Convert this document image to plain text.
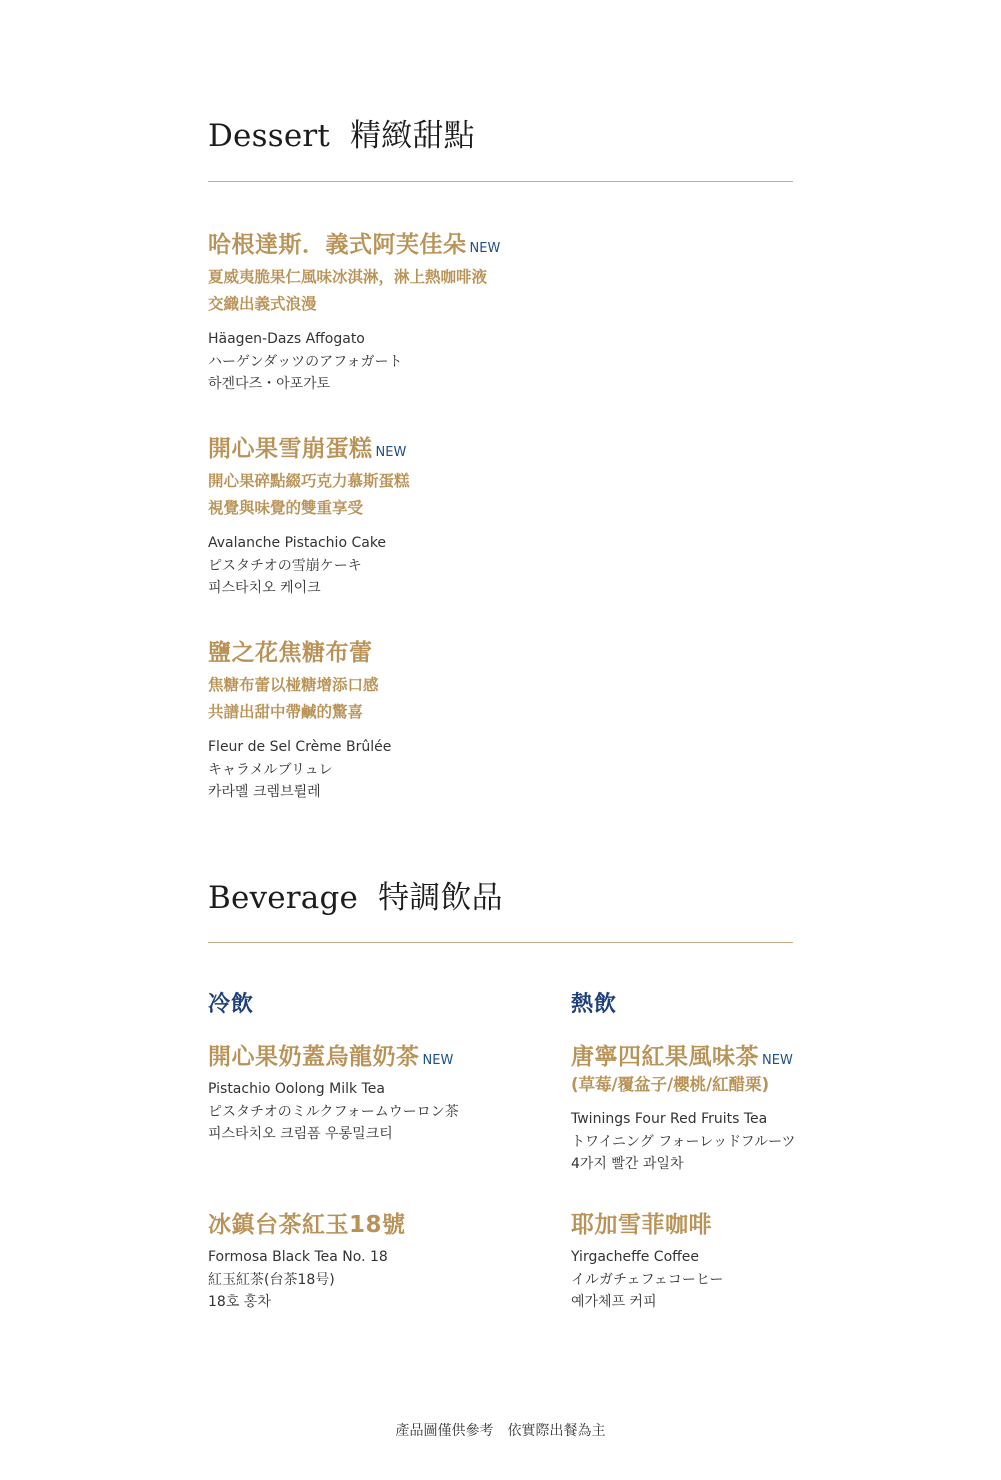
Dessert 精緻甜點
哈根達斯．義式阿芙佳朵 NEW
夏威夷脆果仁風味冰淇淋，淋上熱咖啡液
交織出義式浪漫
Häagen-Dazs Affogato
ハーゲンダッツのアフォガート
하겐다즈・아포가토
開心果雪崩蛋糕 NEW
開心果碎點綴巧克力慕斯蛋糕
視覺與味覺的雙重享受
Avalanche Pistachio Cake
ピスタチオの雪崩ケーキ
피스타치오 케이크
鹽之花焦糖布蕾
焦糖布蕾以椪糖增添口感
共譜出甜中帶鹹的驚喜
Fleur de Sel Crème Brûlée
キャラメルブリュレ
카라멜 크렘브륄레
Beverage 特調飲品
冷飲
開心果奶蓋烏龍奶茶 NEW
Pistachio Oolong Milk Tea
ピスタチオのミルクフォームウーロン茶
피스타치오 크림폼 우롱밀크티
冰鎮台茶紅玉18號
Formosa Black Tea No. 18
紅玉紅茶(台茶18号)
18호 홍차
熱飲
唐寧四紅果風味茶 NEW
(草莓/覆盆子/櫻桃/紅醋栗)
Twinings Four Red Fruits Tea
トワイニング フォーレッドフルーツ
4가지 빨간 과일차
耶加雪菲咖啡
Yirgacheffe Coffee
イルガチェフェコーヒー
예가체프 커피
產品圖僅供參考　依實際出餐為主
